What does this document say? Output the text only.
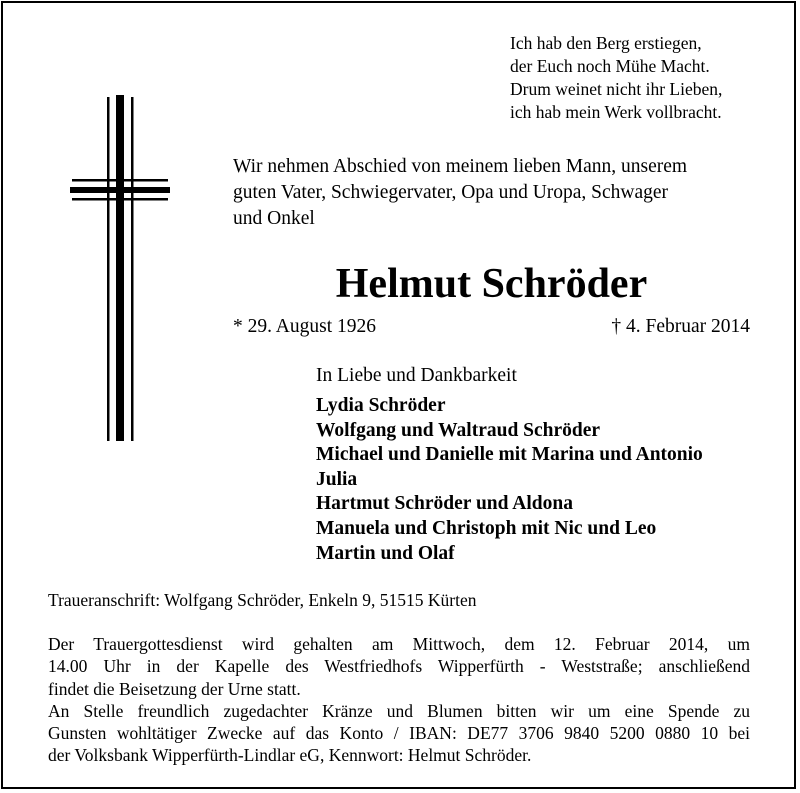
Ich hab den Berg erstiegen,
der Euch noch Mühe Macht.
Drum weinet nicht ihr Lieben,
ich hab mein Werk vollbracht.
Wir nehmen Abschied von meinem lieben Mann, unserem
guten Vater, Schwiegervater, Opa und Uropa, Schwager
und Onkel
Helmut Schröder
* 29. August 1926	† 4. Februar 2014
In Liebe und Dankbarkeit
Lydia Schröder
Wolfgang und Waltraud Schröder
Michael und Danielle mit Marina und Antonio
Julia
Hartmut Schröder und Aldona
Manuela und Christoph mit Nic und Leo
Martin und Olaf
Traueranschrift: Wolfgang Schröder, Enkeln 9, 51515 Kürten
Der Trauergottesdienst wird gehalten am Mittwoch, dem 12. Februar 2014, um
14.00 Uhr in der Kapelle des Westfriedhofs Wipperfürth - Weststraße; anschließend
findet die Beisetzung der Urne statt.
An Stelle freundlich zugedachter Kränze und Blumen bitten wir um eine Spende zu
Gunsten wohltätiger Zwecke auf das Konto / IBAN: DE77 3706 9840 5200 0880 10 bei
der Volksbank Wipperfürth-Lindlar eG, Kennwort: Helmut Schröder.
